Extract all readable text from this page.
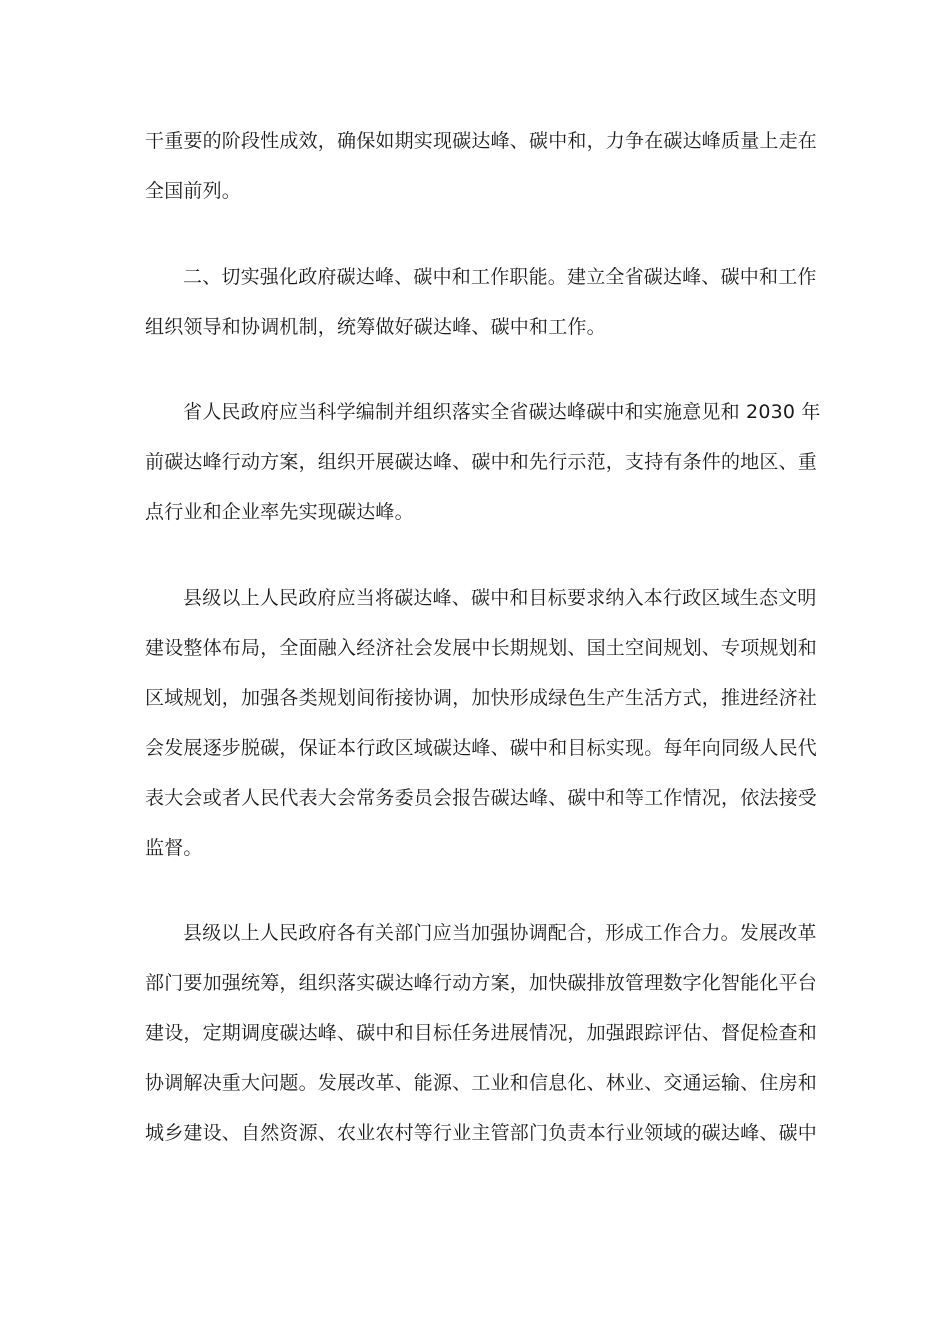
干重要的阶段性成效，确保如期实现碳达峰、碳中和，力争在碳达峰质量上走在
全国前列。
二、切实强化政府碳达峰、碳中和工作职能。建立全省碳达峰、碳中和工作
组织领导和协调机制，统筹做好碳达峰、碳中和工作。
省人民政府应当科学编制并组织落实全省碳达峰碳中和实施意见和 2030 年
前碳达峰行动方案，组织开展碳达峰、碳中和先行示范，支持有条件的地区、重
点行业和企业率先实现碳达峰。
县级以上人民政府应当将碳达峰、碳中和目标要求纳入本行政区域生态文明
建设整体布局，全面融入经济社会发展中长期规划、国土空间规划、专项规划和
区域规划，加强各类规划间衔接协调，加快形成绿色生产生活方式，推进经济社
会发展逐步脱碳，保证本行政区域碳达峰、碳中和目标实现。每年向同级人民代
表大会或者人民代表大会常务委员会报告碳达峰、碳中和等工作情况，依法接受
监督。
县级以上人民政府各有关部门应当加强协调配合，形成工作合力。发展改革
部门要加强统筹，组织落实碳达峰行动方案，加快碳排放管理数字化智能化平台
建设，定期调度碳达峰、碳中和目标任务进展情况，加强跟踪评估、督促检查和
协调解决重大问题。发展改革、能源、工业和信息化、林业、交通运输、住房和
城乡建设、自然资源、农业农村等行业主管部门负责本行业领域的碳达峰、碳中
